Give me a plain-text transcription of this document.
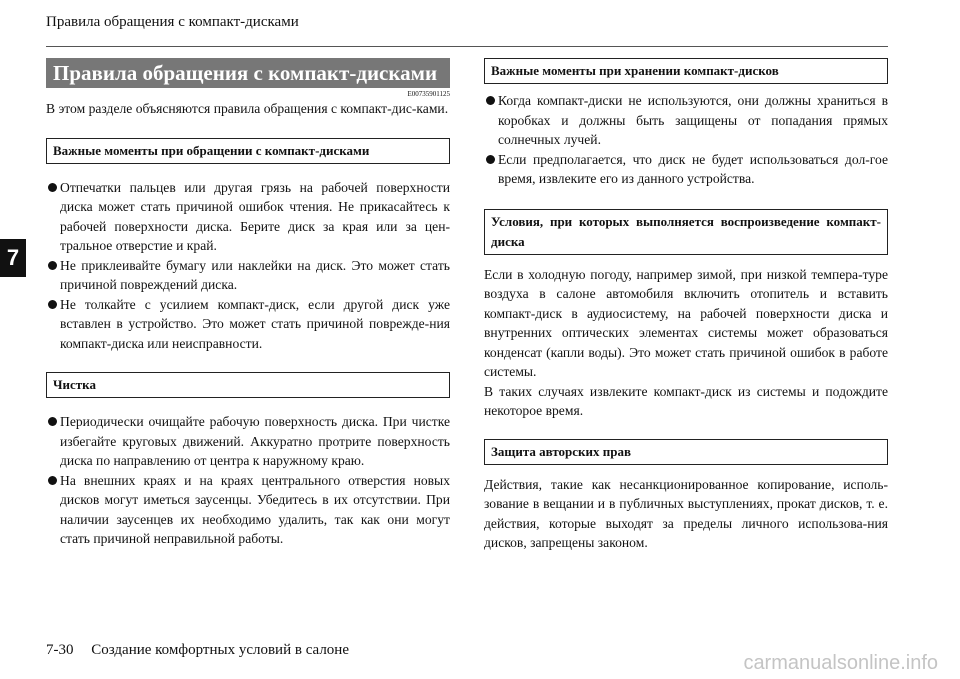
Правила обращения с компакт-дисками
7
Правила обращения с компакт-дисками
E00735901125

В этом разделе объясняются правила обращения с компакт-дис-ками.

Важные моменты при обращении с компакт-дисками
Отпечатки пальцев или другая грязь на рабочей поверхности диска может стать причиной ошибок чтения. Не прикасайтесь к рабочей поверхности диска. Берите диск за края или за цен-тральное отверстие и край.
Не приклеивайте бумагу или наклейки на диск. Это может стать причиной повреждений диска.
Не толкайте с усилием компакт-диск, если другой диск уже вставлен в устройство. Это может стать причиной поврежде-ния компакт-диска или неисправности.
Чистка
Периодически очищайте рабочую поверхность диска. При чистке избегайте круговых движений. Аккуратно протрите поверхность диска по направлению от центра к наружному краю.
На внешних краях и на краях центрального отверстия новых дисков могут иметься заусенцы. Убедитесь в их отсутствии. При наличии заусенцев их необходимо удалить, так как они могут стать причиной неправильной работы.
Важные моменты при хранении компакт-дисков
Когда компакт-диски не используются, они должны храниться в коробках и должны быть защищены от попадания прямых солнечных лучей.
Если предполагается, что диск не будет использоваться дол-гое время, извлеките его из данного устройства.
Условия, при которых выполняется воспроизведение компакт-диска

Если в холодную погоду, например зимой, при низкой темпера-туре воздуха в салоне автомобиля включить отопитель и вставить компакт-диск в аудиосистему, на рабочей поверхности диска и внутренних оптических элементах системы может образоваться конденсат (капли воды). Это может стать причиной ошибок в работе системы.

В таких случаях извлеките компакт-диск из системы и подождите некоторое время.

Защита авторских прав

Действия, такие как несанкционированное копирование, исполь-зование в вещании и в публичных выступлениях, прокат дисков, т. е. действия, которые выходят за пределы личного использова-ния дисков, запрещены законом.

7-30 Создание комфортных условий в салоне
carmanualsonline.info
